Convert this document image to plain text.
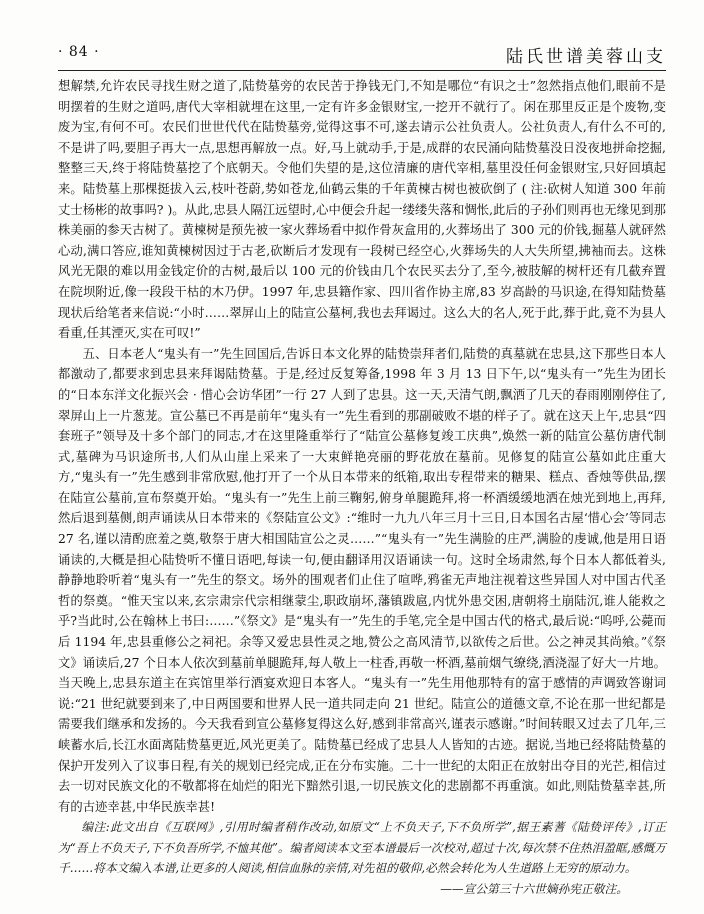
· 84 ·	陆氏世谱美蓉山支

想解禁,允许农民寻找生财之道了,陆贽墓旁的农民苦于挣钱无门,不知是哪位“有识之士”忽然指点他们,眼前不是明摆着的生财之道吗,唐代大宰相就埋在这里,一定有许多金银财宝,一挖开不就行了。闲在那里反正是个废物,变废为宝,有何不可。农民们世世代代在陆贽墓旁,觉得这事不可,遂去请示公社负责人。公社负责人,有什么不可的,不是讲了吗,要胆子再大一点,思想再解放一点。好,马上就动手,于是,成群的农民涌向陆贽墓没日没夜地拼命挖掘,整整三天,终于将陆贽墓挖了个底朝天。令他们失望的是,这位清廉的唐代宰相,墓里没任何金银财宝,只好回填起来。陆贽墓上那棵挺拔入云,枝叶苍蔚,势如苍龙,仙鹤云集的千年黄楝古树也被砍倒了 ( 注:砍树人知道 300 年前丈士杨彬的故事吗? )。从此,忠县人隔江远望时,心中便会升起一缕缕失落和惆怅,此后的子孙们则再也无缘见到那株美丽的参天古树了。黄楝树是预先被一家火葬场看中拟作骨灰盒用的,火葬场出了 300 元的价钱,掘墓人就砰然心动,满口答应,谁知黄楝树因过于古老,砍断后才发现有一段树已经空心,火葬场失的人大失所望,拂袖而去。这株风光无限的难以用金钱定价的古树,最后以 100 元的价钱由几个农民买去分了,至今,被肢解的树杆还有几截弃置在院坝附近,像一段段干枯的木乃伊。1997 年,忠县籍作家、四川省作协主席,83 岁高龄的马识途,在得知陆贽墓现状后给笔者来信说:“小时……翠屏山上的陆宣公墓柯,我也去拜谒过。这么大的名人,死于此,葬于此,竟不为县人看重,任其湮灭,实在可叹!”

五、日本老人“鬼头有一”先生回国后,告诉日本文化界的陆贽崇拜者们,陆贽的真墓就在忠县,这下那些日本人都激动了,都要求到忠县来拜谒陆贽墓。于是,经过反复筹备,1998 年 3 月 13 日下午,以“鬼头有一”先生为团长的“日本东洋文化振兴会 · 惜心会访华团”一行 27 人到了忠县。这一天,天清气朗,飘洒了几天的春雨刚刚停住了,翠屏山上一片葱茏。宣公墓已不再是前年“鬼头有一”先生看到的那副破败不堪的样子了。就在这天上午,忠县“四套班子”领导及十多个部门的同志,才在这里隆重举行了“陆宣公墓修复竣工庆典”,焕然一新的陆宣公墓仿唐代制式,墓碑为马识途所书,人们从山崖上采来了一大束鲜艳亮丽的野花放在墓前。见修复的陆宣公墓如此庄重大方,“鬼头有一”先生感到非常欣慰,他打开了一个从日本带来的纸箱,取出专程带来的糖果、糕点、香烛等供品,摆在陆宣公墓前,宣布祭奠开始。“鬼头有一”先生上前三鞠躬,俯身单腿跪拜,将一杯酒缓缓地洒在烛光到地上,再拜,然后退到墓侧,朗声诵读从日本带来的《祭陆宣公文》:“维时一九九八年三月十三日,日本国名古屋‘惜心会’等同志 27 名,谨以清酌庶羞之奠,敬祭于唐大相国陆宣公之灵……”“鬼头有一”先生满脸的庄严,满脸的虔诚,他是用日语诵读的,大概是担心陆贽听不懂日语吧,每读一句,便由翻译用汉语诵读一句。这时全场肃然,每个日本人都低着头,静静地聆听着“鬼头有一”先生的祭文。场外的围观者们止住了喧哗,鸦雀无声地注视着这些异国人对中国古代圣哲的祭奠。“惟天宝以来,玄宗肃宗代宗相继蒙尘,职政崩坏,藩镇跋扈,内忧外患交困,唐朝将土崩陆沉,谁人能救之乎?当此时,公在翰林上书曰:……”《祭文》是“鬼头有一”先生的手笔,完全是中国古代的格式,最后说:“呜呼,公薨而后 1194 年,忠县重修公之祠祀。余等又爱忠县性灵之地,赞公之高风清节,以欲传之后世。公之神灵其尚飨。”《祭文》诵读后,27 个日本人依次到墓前单腿跪拜,每人敬上一柱香,再敬一杯酒,墓前烟气缭绕,酒浇湿了好大一片地。当天晚上,忠县东道主在宾馆里举行酒宴欢迎日本客人。“鬼头有一”先生用他那特有的富于感情的声调致答谢词说:“21 世纪就要到来了,中日两国要和世界人民一道共同走向 21 世纪。陆宣公的道德文章,不论在那一世纪都是需要我们继承和发扬的。今天我看到宣公墓修复得这么好,感到非常高兴,谨表示感谢。”时间转眼又过去了几年,三峡蓄水后,长江水面离陆贽墓更近,风光更美了。陆贽墓已经成了忠县人人皆知的古迹。据说,当地已经将陆贽墓的保护开发列入了议事日程,有关的规划已经完成,正在分布实施。二十一世纪的太阳正在放射出夺目的光芒,相信过去一切对民族文化的不敬都将在灿烂的阳光下黯然引退,一切民族文化的悲剧都不再重演。如此,则陆贽墓幸甚,所有的古迹幸甚,中华民族幸甚!

编注:此文出自《互联网》,引用时编者稍作改动,如原文“上不负天子,下不负所学”,据王素蓍《陆贽评传》,订正为“吾上不负天子,下不负吾所学,不恤其他”。编者阅读本文至本谱最后一次校对,超过十次,每次禁不住热泪盈眶,感慨万千……将本文编入本谱,让更多的人阅读,相信血脉的亲情,对先祖的敬仰,必然会转化为人生道路上无穷的原动力。

——宣公第三十六世嫡孙宪正敬注。
